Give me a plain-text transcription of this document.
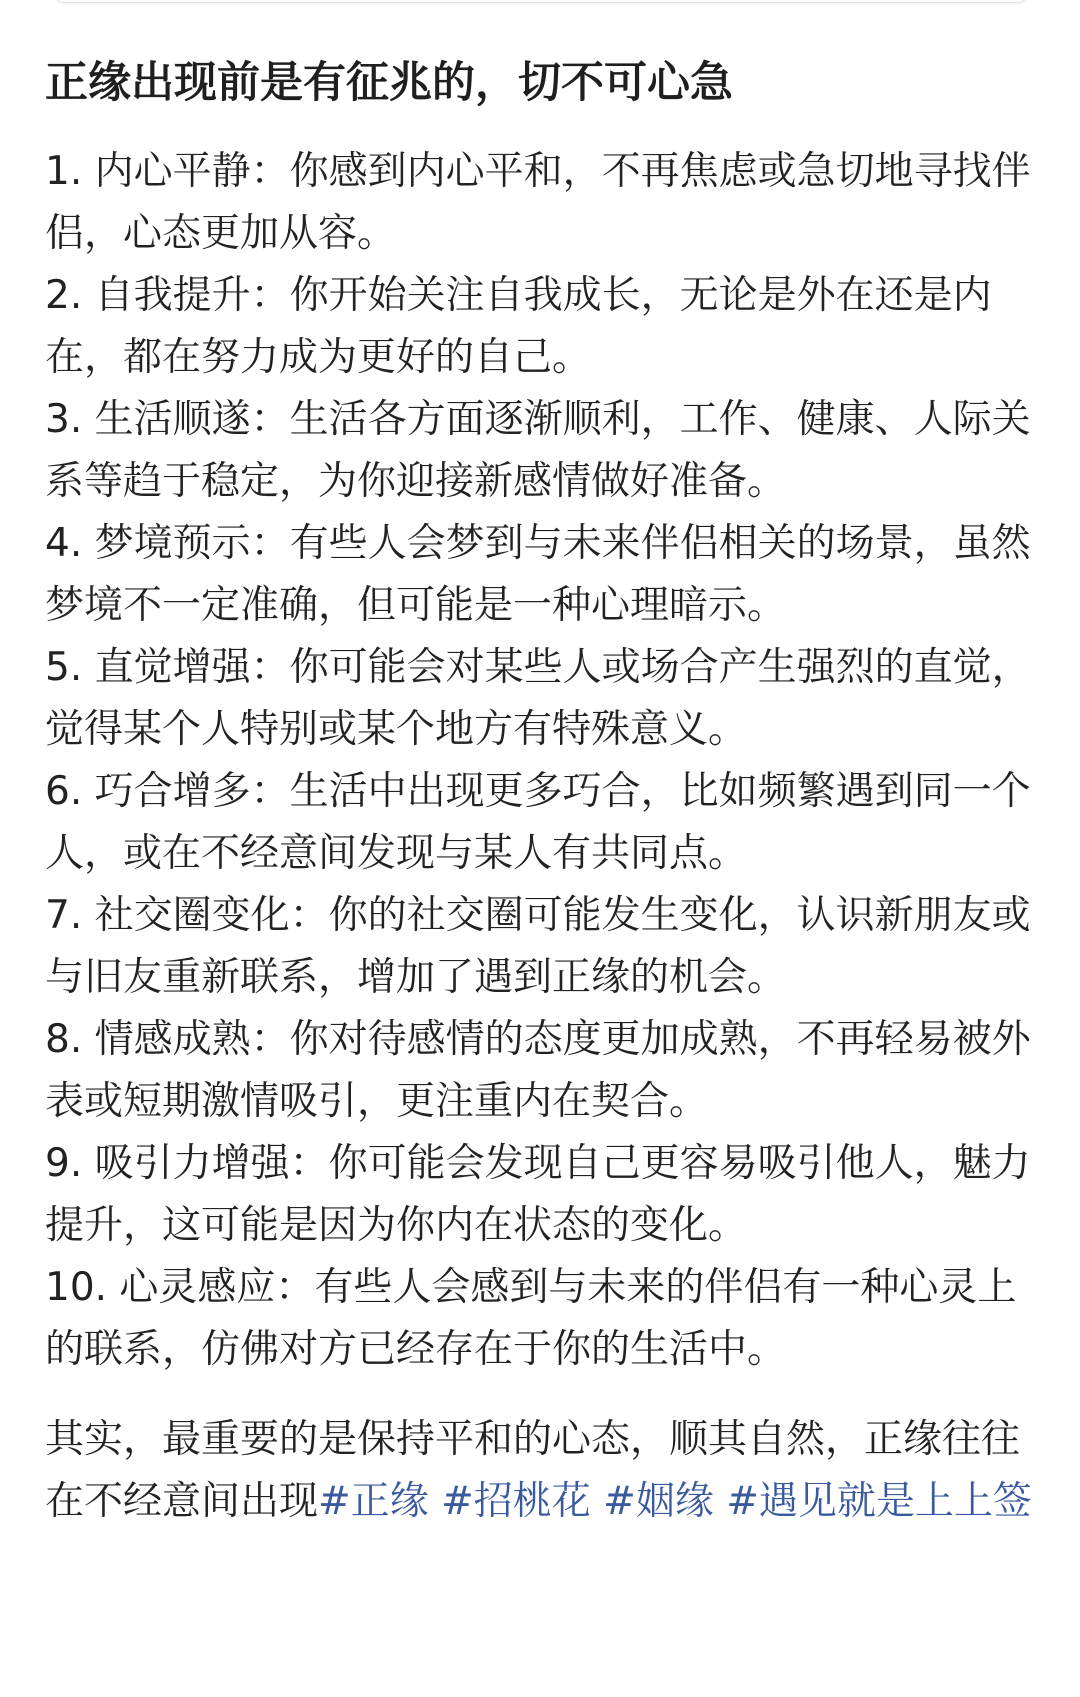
正缘出现前是有征兆的，切不可心急
1. 内心平静：你感到内心平和，不再焦虑或急切地寻找伴侣，心态更加从容。
2. 自我提升：你开始关注自我成长，无论是外在还是内在，都在努力成为更好的自己。
3. 生活顺遂：生活各方面逐渐顺利，工作、健康、人际关系等趋于稳定，为你迎接新感情做好准备。
4. 梦境预示：有些人会梦到与未来伴侣相关的场景，虽然梦境不一定准确，但可能是一种心理暗示。
5. 直觉增强：你可能会对某些人或场合产生强烈的直觉，觉得某个人特别或某个地方有特殊意义。
6. 巧合增多：生活中出现更多巧合，比如频繁遇到同一个人，或在不经意间发现与某人有共同点。
7. 社交圈变化：你的社交圈可能发生变化，认识新朋友或与旧友重新联系，增加了遇到正缘的机会。
8. 情感成熟：你对待感情的态度更加成熟，不再轻易被外表或短期激情吸引，更注重内在契合。
9. 吸引力增强：你可能会发现自己更容易吸引他人，魅力提升，这可能是因为你内在状态的变化。
10. 心灵感应：有些人会感到与未来的伴侣有一种心灵上的联系，仿佛对方已经存在于你的生活中。
其实，最重要的是保持平和的心态，顺其自然，正缘往往在不经意间出现#正缘 #招桃花 #姻缘 #遇见就是上上签
